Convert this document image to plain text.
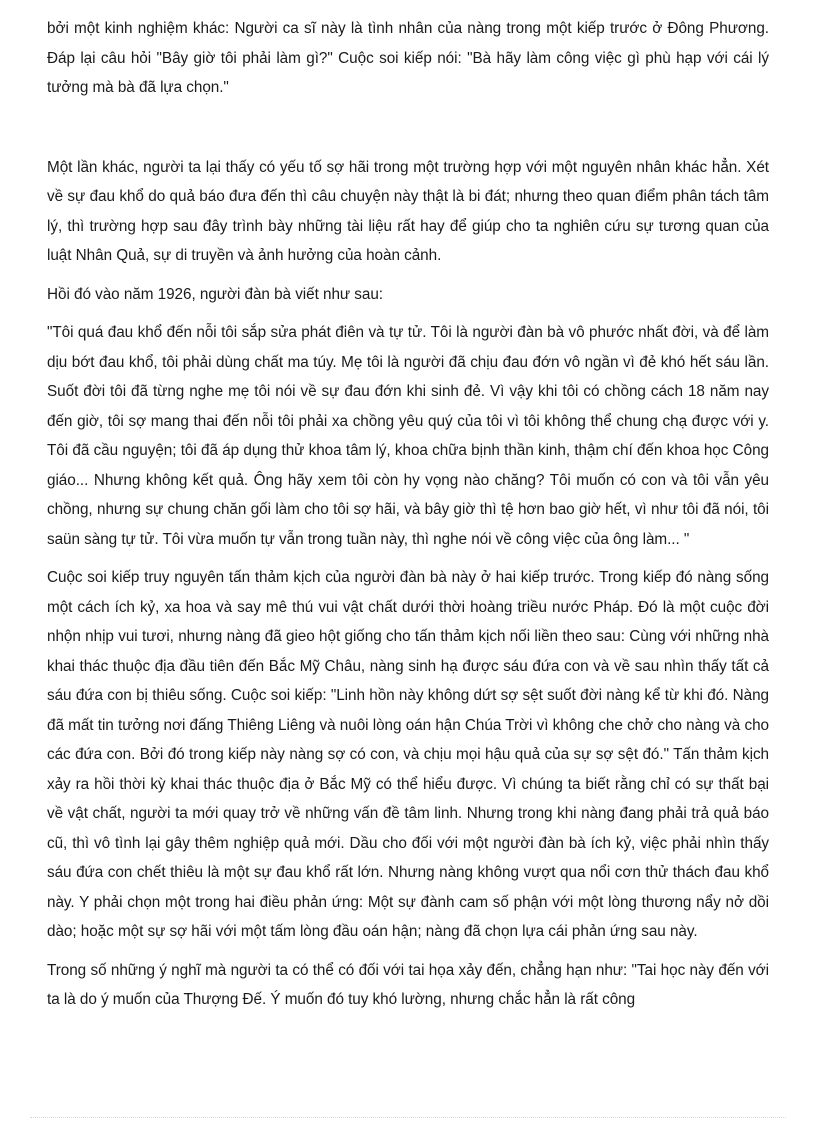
bởi một kinh nghiệm khác: Người ca sĩ này là tình nhân của nàng trong một kiếp trước ở Đông Phương. Đáp lại câu hỏi "Bây giờ tôi phải làm gì?" Cuộc soi kiếp nói: "Bà hãy làm công việc gì phù hạp với cái lý tưởng mà bà đã lựa chọn."

Một lần khác, người ta lại thấy có yếu tố sợ hãi trong một trường hợp với một nguyên nhân khác hẳn. Xét về sự đau khổ do quả báo đưa đến thì câu chuyện này thật là bi đát; nhưng theo quan điểm phân tách tâm lý, thì trường hợp sau đây trình bày những tài liệu rất hay để giúp cho ta nghiên cứu sự tương quan của luật Nhân Quả, sự di truyền và ảnh hưởng của hoàn cảnh.

Hồi đó vào năm 1926, người đàn bà viết như sau:

"Tôi quá đau khổ đến nỗi tôi sắp sửa phát điên và tự tử. Tôi là người đàn bà vô phước nhất đời, và để làm dịu bớt đau khổ, tôi phải dùng chất ma túy. Mẹ tôi là người đã chịu đau đớn vô ngần vì đẻ khó hết sáu lần. Suốt đời tôi đã từng nghe mẹ tôi nói về sự đau đớn khi sinh đẻ. Vì vậy khi tôi có chồng cách 18 năm nay đến giờ, tôi sợ mang thai đến nỗi tôi phải xa chồng yêu quý của tôi vì tôi không thể chung chạ được với y. Tôi đã cầu nguyện; tôi đã áp dụng thử khoa tâm lý, khoa chữa bịnh thần kinh, thậm chí đến khoa học Công giáo... Nhưng không kết quả. Ông hãy xem tôi còn hy vọng nào chăng? Tôi muốn có con và tôi vẫn yêu chồng, nhưng sự chung chăn gối làm cho tôi sợ hãi, và bây giờ thì tệ hơn bao giờ hết, vì như tôi đã nói, tôi saün sàng tự tử. Tôi vừa muốn tự vẫn trong tuần này, thì nghe nói về công việc của ông làm... "

Cuộc soi kiếp truy nguyên tấn thảm kịch của người đàn bà này ở hai kiếp trước. Trong kiếp đó nàng sống một cách ích kỷ, xa hoa và say mê thú vui vật chất dưới thời hoàng triều nước Pháp. Đó là một cuộc đời nhộn nhịp vui tươi, nhưng nàng đã gieo hột giống cho tấn thảm kịch nối liền theo sau: Cùng với những nhà khai thác thuộc địa đầu tiên đến Bắc Mỹ Châu, nàng sinh hạ được sáu đứa con và về sau nhìn thấy tất cả sáu đứa con bị thiêu sống. Cuộc soi kiếp: "Linh hồn này không dứt sợ sệt suốt đời nàng kể từ khi đó. Nàng đã mất tin tưởng nơi đấng Thiêng Liêng và nuôi lòng oán hận Chúa Trời vì không che chở cho nàng và cho các đứa con. Bởi đó trong kiếp này nàng sợ có con, và chịu mọi hậu quả của sự sợ sệt đó." Tấn thảm kịch xảy ra hồi thời kỳ khai thác thuộc địa ở Bắc Mỹ có thể hiểu được. Vì chúng ta biết rằng chỉ có sự thất bại về vật chất, người ta mới quay trở về những vấn đề tâm linh. Nhưng trong khi nàng đang phải trả quả báo cũ, thì vô tình lại gây thêm nghiệp quả mới. Dầu cho đối với một người đàn bà ích kỷ, việc phải nhìn thấy sáu đứa con chết thiêu là một sự đau khổ rất lớn. Nhưng nàng không vượt qua nổi cơn thử thách đau khổ này. Y phải chọn một trong hai điều phản ứng: Một sự đành cam số phận với một lòng thương nẩy nở dồi dào; hoặc một sự sợ hãi với một tấm lòng đầu oán hận; nàng đã chọn lựa cái phản ứng sau này.

Trong số những ý nghĩ mà người ta có thể có đối với tai họa xảy đến, chẳng hạn như: "Tai học này đến với ta là do ý muốn của Thượng Đế. Ý muốn đó tuy khó lường, nhưng chắc hẳn là rất công
